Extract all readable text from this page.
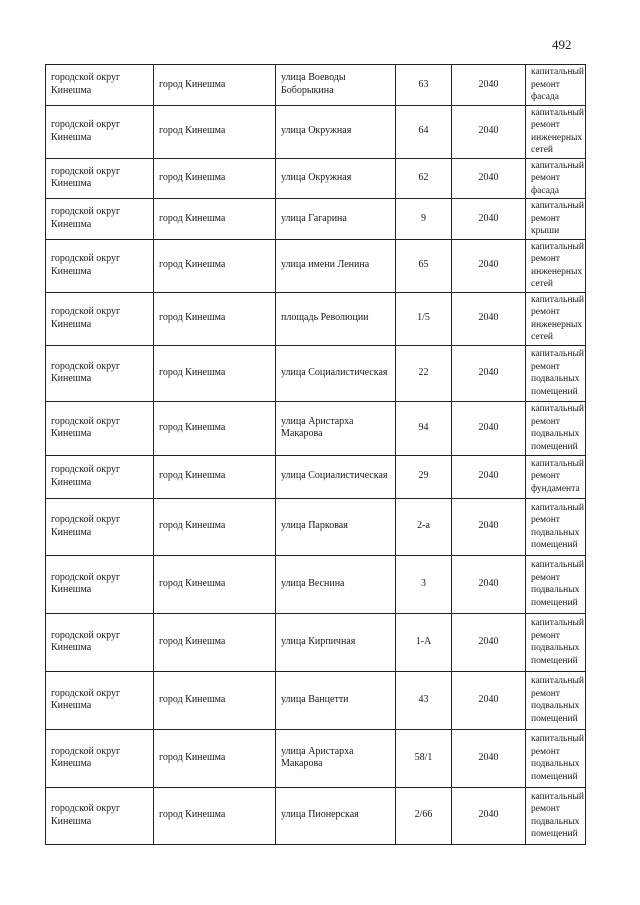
492
городской округ Кинешма	город Кинешма	улица Воеводы Боборыкина	63	2040	капитальный ремонт фасада
городской округ Кинешма	город Кинешма	улица Окружная	64	2040	капитальный ремонт инженерных сетей
городской округ Кинешма	город Кинешма	улица Окружная	62	2040	капитальный ремонт фасада
городской округ Кинешма	город Кинешма	улица Гагарина	9	2040	капитальный ремонт крыши
городской округ Кинешма	город Кинешма	улица имени Ленина	65	2040	капитальный ремонт инженерных сетей
городской округ Кинешма	город Кинешма	площадь Революции	1/5	2040	капитальный ремонт инженерных сетей
городской округ Кинешма	город Кинешма	улица Социалистическая	22	2040	капитальный ремонт подвальных помещений
городской округ Кинешма	город Кинешма	улица Аристарха Макарова	94	2040	капитальный ремонт подвальных помещений
городской округ Кинешма	город Кинешма	улица Социалистическая	29	2040	капитальный ремонт фундамента
городской округ Кинешма	город Кинешма	улица Парковая	2-а	2040	капитальный ремонт подвальных помещений
городской округ Кинешма	город Кинешма	улица Веснина	3	2040	капитальный ремонт подвальных помещений
городской округ Кинешма	город Кинешма	улица Кирпичная	1-А	2040	капитальный ремонт подвальных помещений
городской округ Кинешма	город Кинешма	улица Ванцетти	43	2040	капитальный ремонт подвальных помещений
городской округ Кинешма	город Кинешма	улица Аристарха Макарова	58/1	2040	капитальный ремонт подвальных помещений
городской округ Кинешма	город Кинешма	улица Пионерская	2/66	2040	капитальный ремонт подвальных помещений
